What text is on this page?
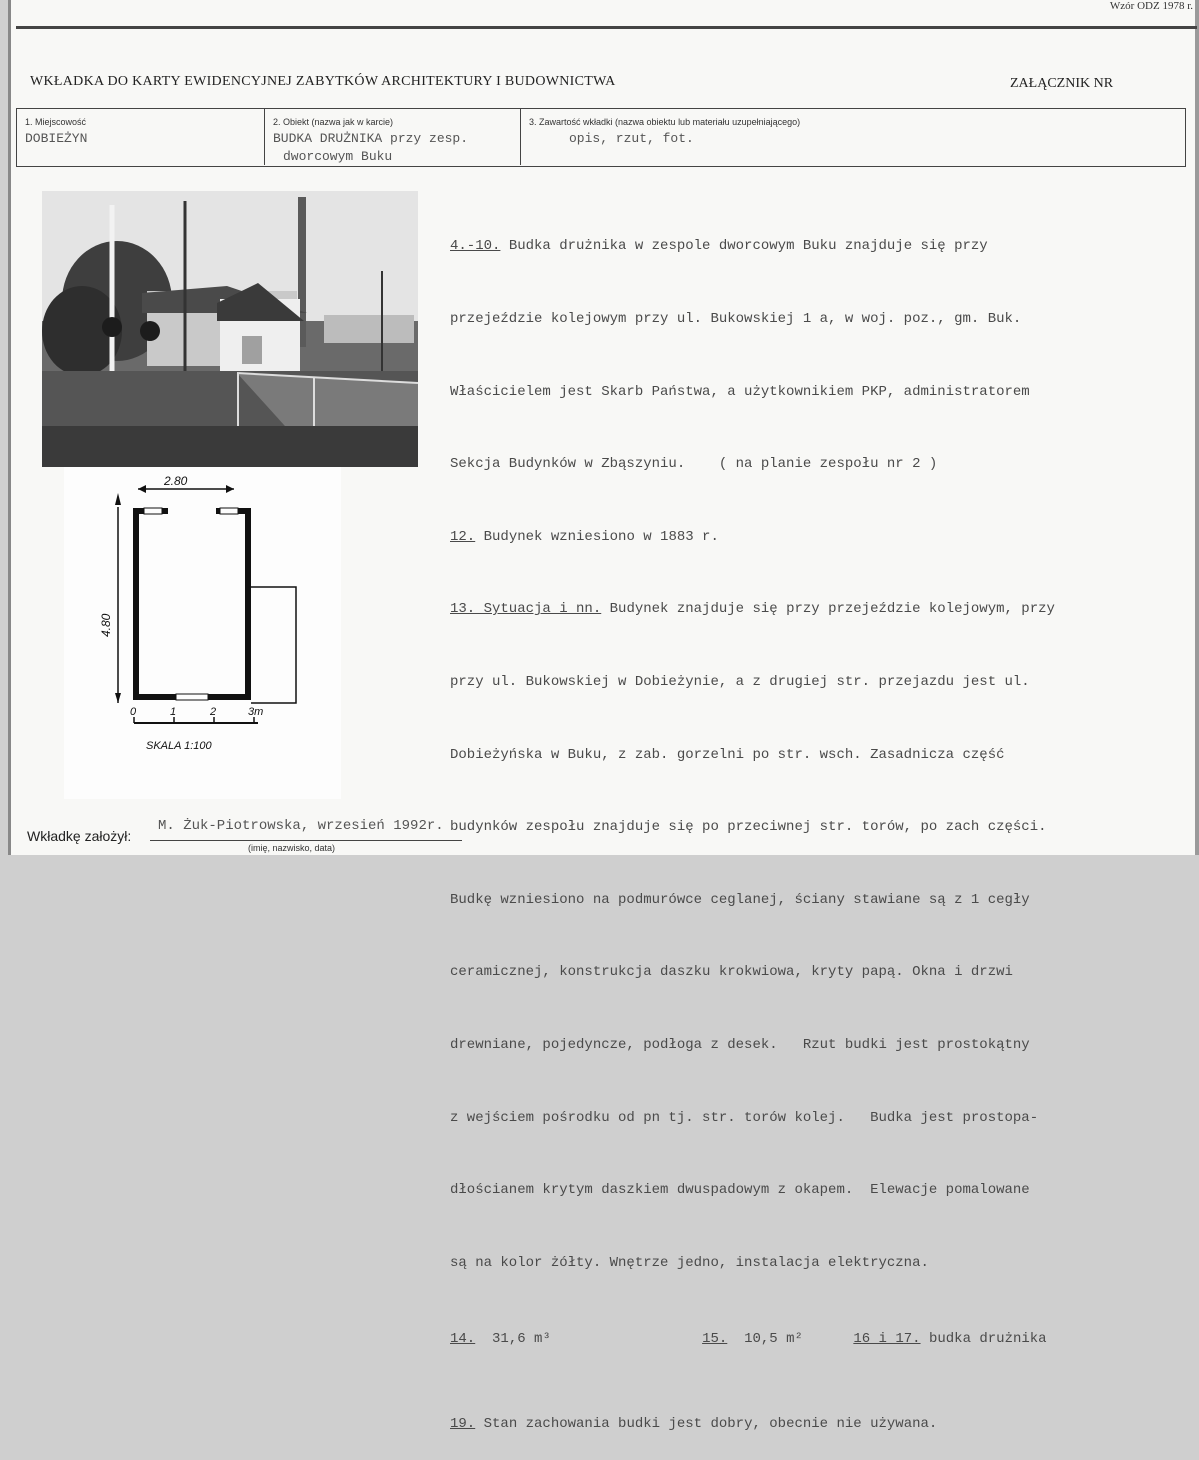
Wzór ODZ 1978 r.
WKŁADKA DO KARTY EWIDENCYJNEJ ZABYTKÓW ARCHITEKTURY I BUDOWNICTWA	ZAŁĄCZNIK NR
1. Miejscowość
DOBIEŻYN
2. Obiekt (nazwa jak w karcie)
BUDKA DRUŻNIKA przy zesp.
dworcowym Buku
3. Zawartość wkładki (nazwa obiektu lub materiału uzupełniającego)
opis, rzut, fot.
2.80
4.80
0	1	2	3m
SKALA 1:100

4.-10. Budka drużnika w zespole dworcowym Buku znajduje się przy

przejeździe kolejowym przy ul. Bukowskiej 1 a, w woj. poz., gm. Buk.

Właścicielem jest Skarb Państwa, a użytkownikiem PKP, administratorem

Sekcja Budynków w Zbąszyniu.    ( na planie zespołu nr 2 )

12. Budynek wzniesiono w 1883 r.

13. Sytuacja i nn. Budynek znajduje się przy przejeździe kolejowym, przy

przy ul. Bukowskiej w Dobieżynie, a z drugiej str. przejazdu jest ul.

Dobieżyńska w Buku, z zab. gorzelni po str. wsch. Zasadnicza część

budynków zespołu znajduje się po przeciwnej str. torów, po zach części.

Budkę wzniesiono na podmurówce ceglanej, ściany stawiane są z 1 cegły

ceramicznej, konstrukcja daszku krokwiowa, kryty papą. Okna i drzwi

drewniane, pojedyncze, podłoga z desek.   Rzut budki jest prostokątny

z wejściem pośrodku od pn tj. str. torów kolej.   Budka jest prostopa-

dłościanem krytym daszkiem dwuspadowym z okapem.  Elewacje pomalowane

są na kolor żółty. Wnętrze jedno, instalacja elektryczna.

14.  31,6 m³	15.  10,5 m²	16 i 17. budka drużnika

19. Stan zachowania budki jest dobry, obecnie nie używana.

Wkładkę założył:
M. Żuk-Piotrowska, wrzesień 1992r.
(imię, nazwisko, data)
